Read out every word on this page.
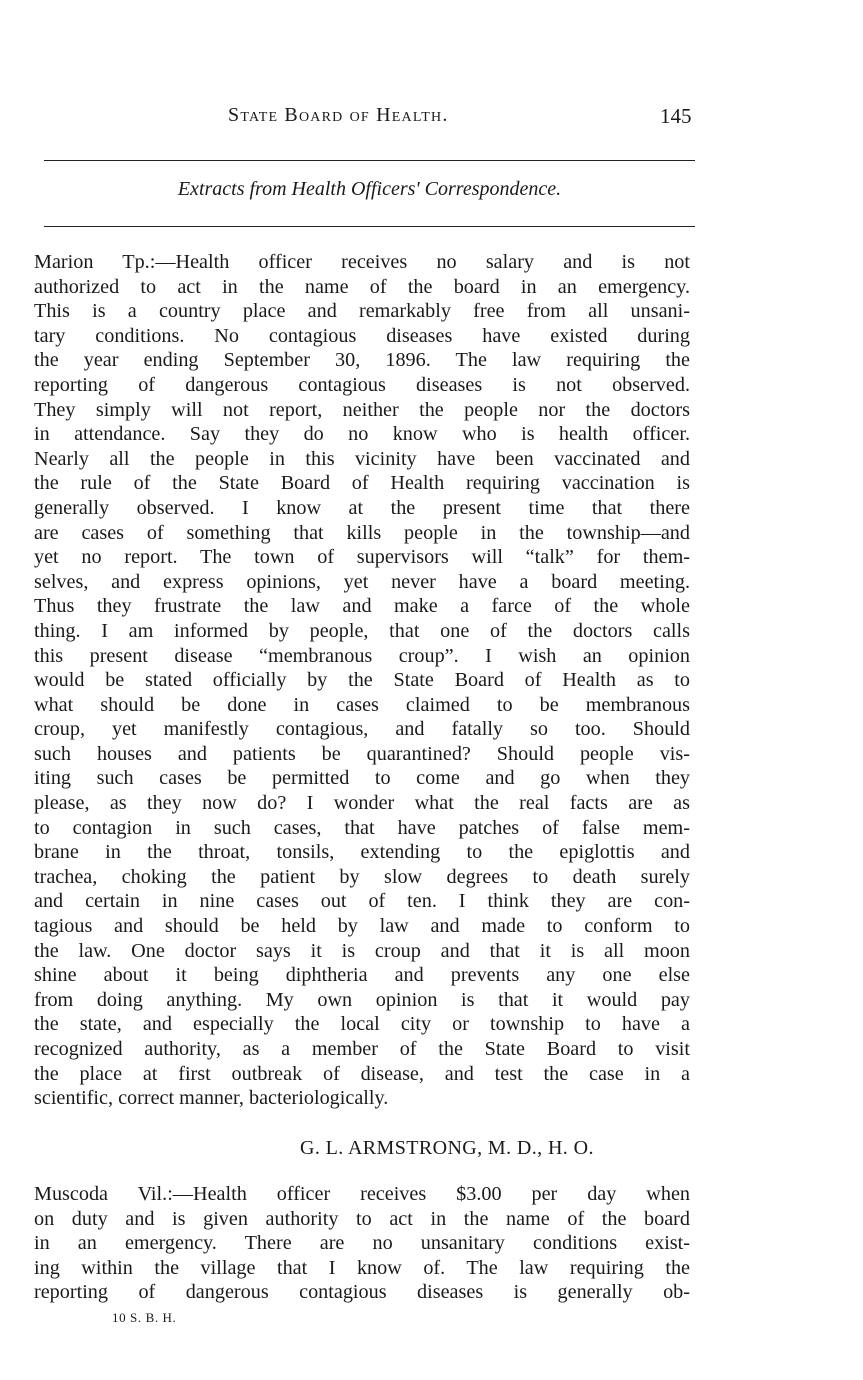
State Board of Health.	145
Extracts from Health Officers' Correspondence.
Marion Tp.:—Health officer receives no salary and is not
authorized to act in the name of the board in an emergency.
This is a country place and remarkably free from all unsani-
tary conditions. No contagious diseases have existed during
the year ending September 30, 1896. The law requiring the
reporting of dangerous contagious diseases is not observed.
They simply will not report, neither the people nor the doctors
in attendance. Say they do no know who is health officer.
Nearly all the people in this vicinity have been vaccinated and
the rule of the State Board of Health requiring vaccination is
generally observed. I know at the present time that there
are cases of something that kills people in the township—and
yet no report. The town of supervisors will “talk” for them-
selves, and express opinions, yet never have a board meeting.
Thus they frustrate the law and make a farce of the whole
thing. I am informed by people, that one of the doctors calls
this present disease “membranous croup”. I wish an opinion
would be stated officially by the State Board of Health as to
what should be done in cases claimed to be membranous
croup, yet manifestly contagious, and fatally so too. Should
such houses and patients be quarantined? Should people vis-
iting such cases be permitted to come and go when they
please, as they now do? I wonder what the real facts are as
to contagion in such cases, that have patches of false mem-
brane in the throat, tonsils, extending to the epiglottis and
trachea, choking the patient by slow degrees to death surely
and certain in nine cases out of ten. I think they are con-
tagious and should be held by law and made to conform to
the law. One doctor says it is croup and that it is all moon
shine about it being diphtheria and prevents any one else
from doing anything. My own opinion is that it would pay
the state, and especially the local city or township to have a
recognized authority, as a member of the State Board to visit
the place at first outbreak of disease, and test the case in a
scientific, correct manner, bacteriologically.
G. L. ARMSTRONG, M. D., H. O.
Muscoda Vil.:—Health officer receives $3.00 per day when
on duty and is given authority to act in the name of the board
in an emergency. There are no unsanitary conditions exist-
ing within the village that I know of. The law requiring the
reporting of dangerous contagious diseases is generally ob-
10 S. B. H.
